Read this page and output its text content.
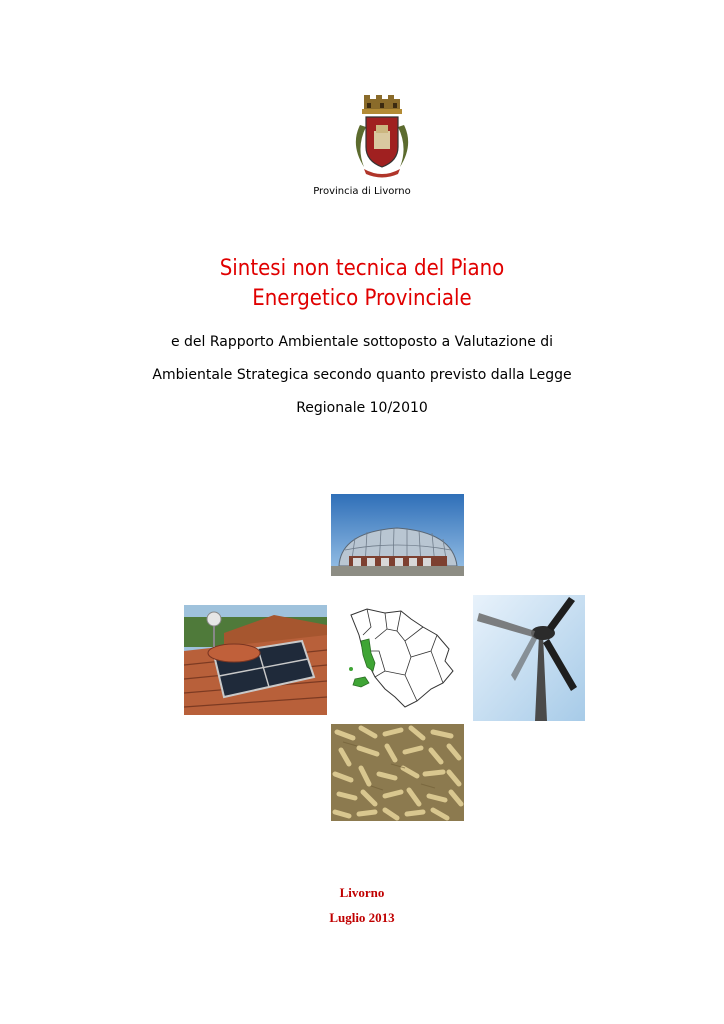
Provincia di Livorno
Sintesi non tecnica del Piano
Energetico Provinciale
e del Rapporto Ambientale sottoposto a Valutazione di
Ambientale Strategica secondo quanto previsto dalla Legge
Regionale 10/2010
Livorno
Luglio 2013
